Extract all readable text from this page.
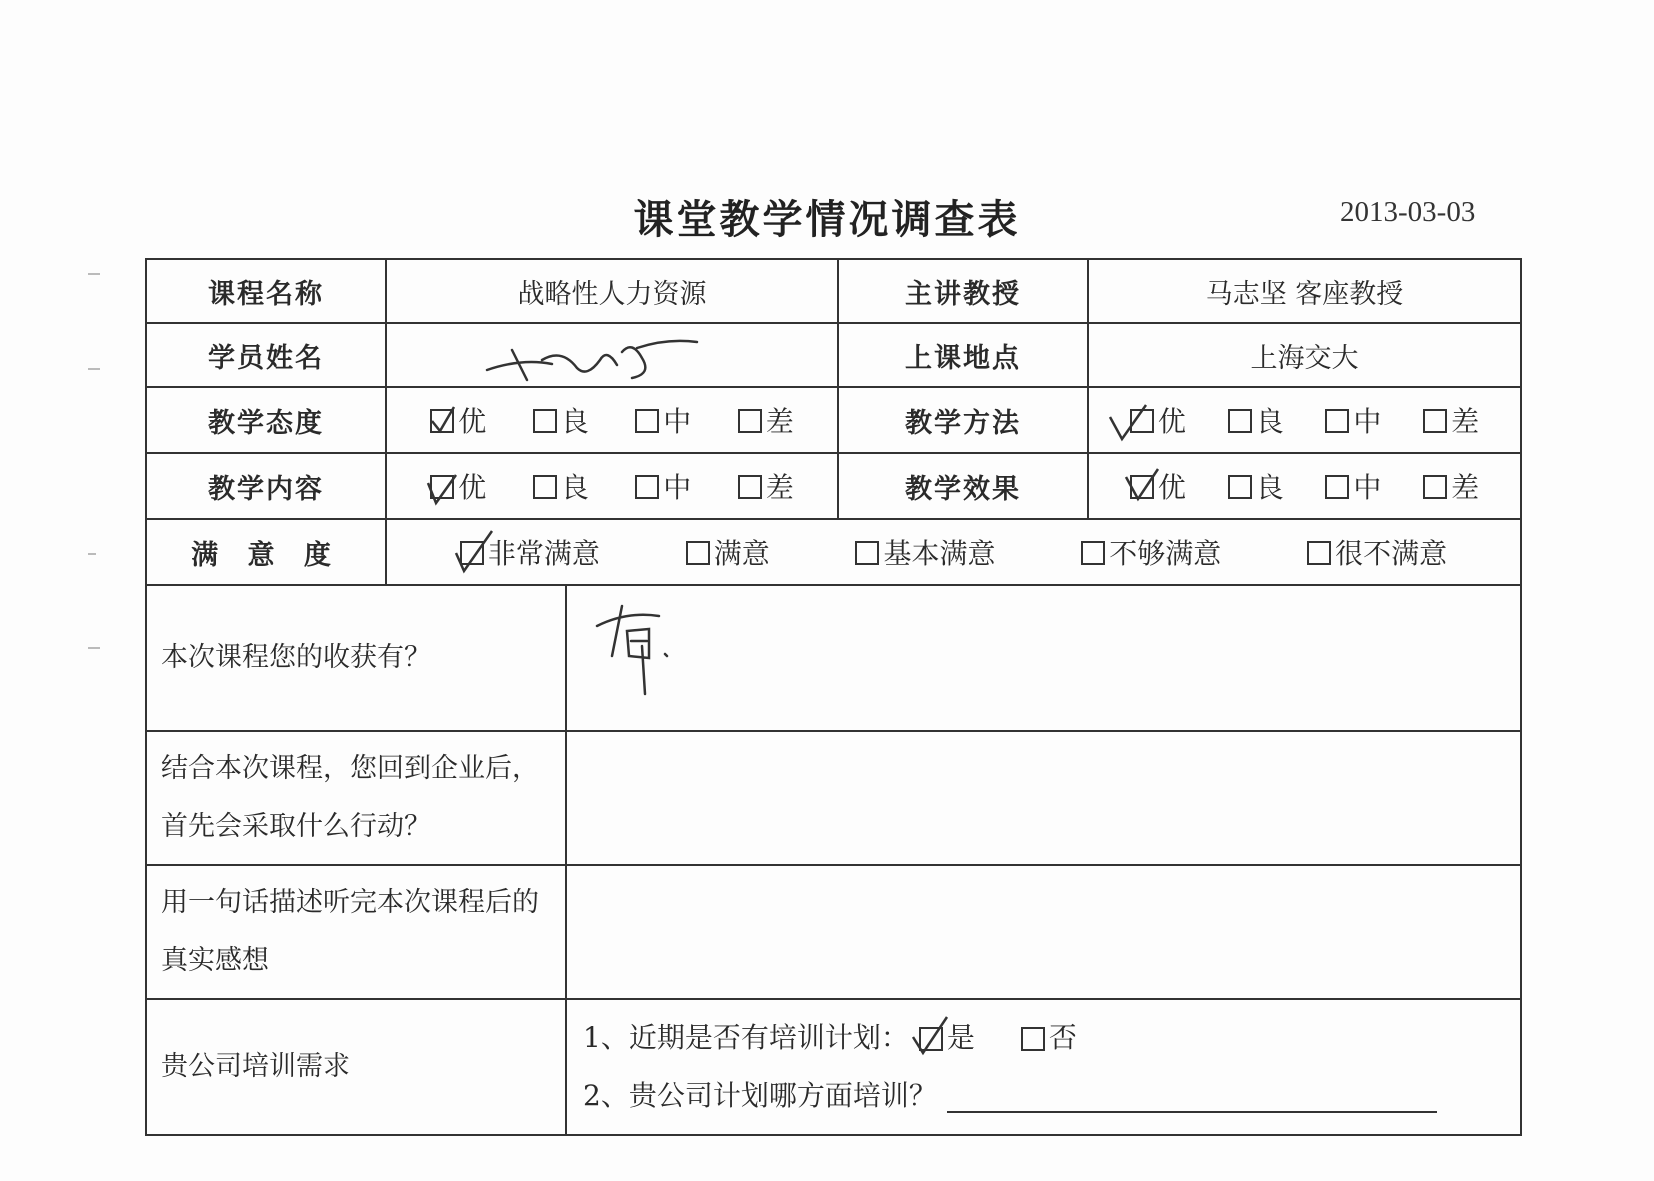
课堂教学情况调查表	2013-03-03
课程名称	战略性人力资源		主讲教授	马志坚 客座教授
学员姓名			上课地点	上海交大
教学态度	优 良 中 差		教学方法	优 良 中 差

教学内容	优 良 中 差		教学效果	优 良 中 差

满 意 度	非常满意 满意 基本满意 不够满意 很不满意			

本次课程您的收获有？	

结合本次课程，您回到企业后，首先会采取什么行动？				
用一句话描述听完本次课程后的真实感想				
贵公司培训需求		1、近期是否有培训计划： 是 否
2、贵公司计划哪方面培训？		
